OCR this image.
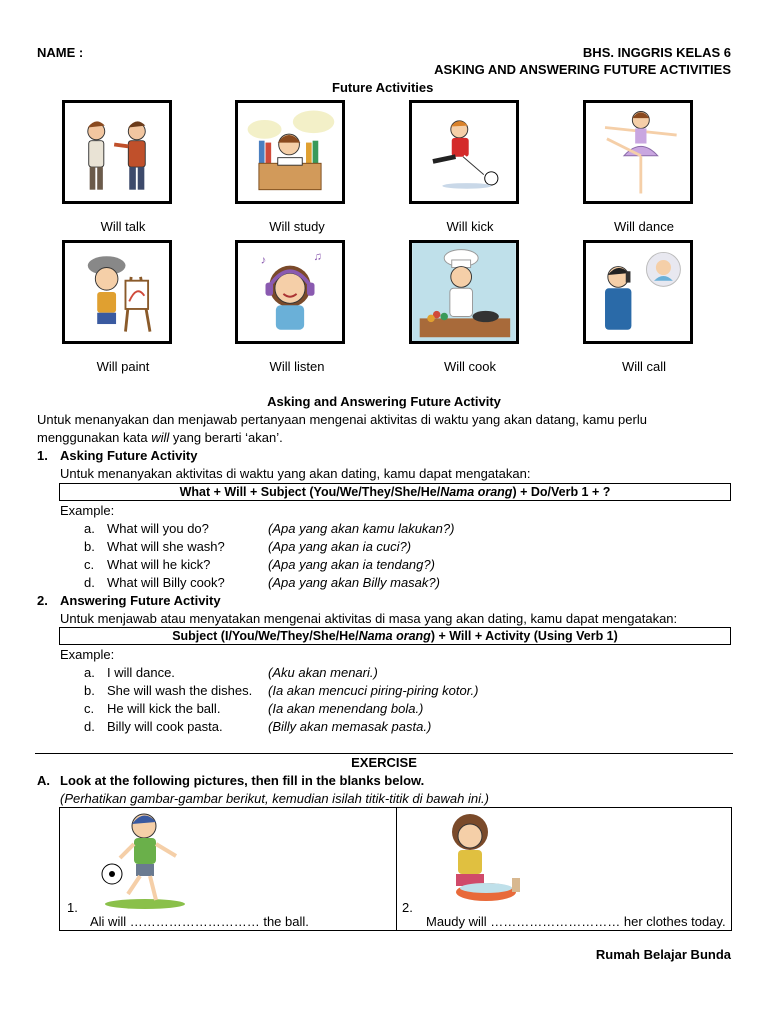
NAME :	BHS. INGGRIS KELAS 6
ASKING AND ANSWERING FUTURE ACTIVITIES
Future Activities
Will talk	Will study	Will kick	Will dance
♪	♫
Will paint	Will listen	Will cook	Will call
Asking and Answering Future Activity
Untuk menanyakan dan menjawab pertanyaan mengenai aktivitas di waktu yang akan datang, kamu perlu
menggunakan kata will yang berarti ‘akan’.
1. Asking Future Activity
Untuk menanyakan aktivitas di waktu yang akan dating, kamu dapat mengatakan:
What + Will + Subject (You/We/They/She/He/Nama orang) + Do/Verb 1 + ?
Example:
a. What will you do?	(Apa yang akan kamu lakukan?)
b. What will she wash?	(Apa yang akan ia cuci?)
c. What will he kick?	(Apa yang akan ia tendang?)
d. What will Billy cook?	(Apa yang akan Billy masak?)
2. Answering Future Activity
Untuk menjawab atau menyatakan mengenai aktivitas di masa yang akan dating, kamu dapat mengatakan:
Subject (I/You/We/They/She/He/Nama orang) + Will + Activity (Using Verb 1)
Example:
a. I will dance.	(Aku akan menari.)
b. She will wash the dishes. (Ia akan mencuci piring-piring kotor.)
c. He will kick the ball.	(Ia akan menendang bola.)
d. Billy will cook pasta.	(Billy akan memasak pasta.)
EXERCISE
A. Look at the following pictures, then fill in the blanks below.
(Perhatikan gambar-gambar berikut, kemudian isilah titik-titik di bawah ini.)
1.
Ali will ………………………… the ball.
2.
Maudy will ………………………… her clothes today.
Rumah Belajar Bunda
